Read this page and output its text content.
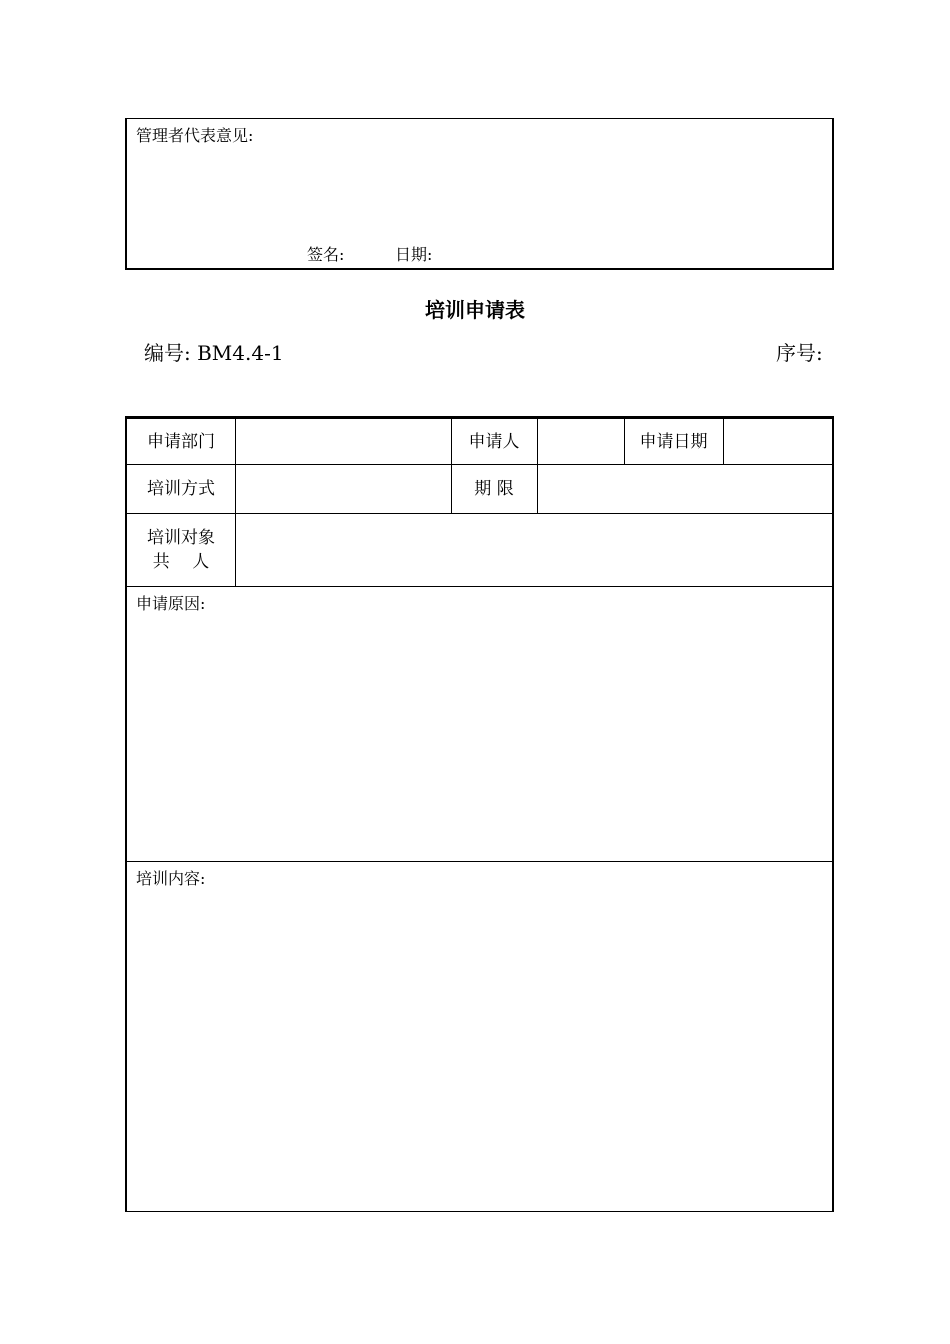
管理者代表意见:
签名:	日期:
培训申请表
编号: BM4.4-1	序号:
申请部门	申请人	申请日期
培训方式	期 限
培训对象
共　 人
申请原因:
培训内容:
